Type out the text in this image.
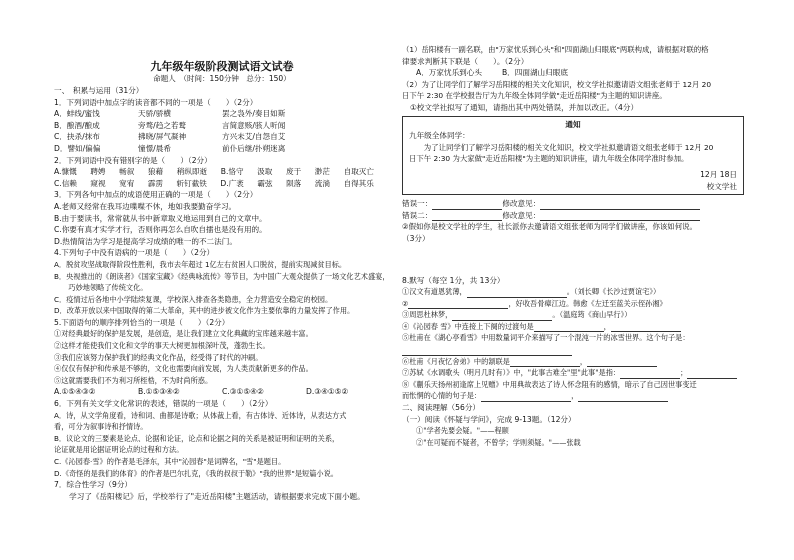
九年级年级阶段测试语文试卷
命题人　（时间：150分钟　总分：150）
一、　积累与运用（31分）
1．下列词语中加点字的读音都不同的一项是（　　）（2分）
A．蚌线/蜜饯	天骄/骄横	罢之袅外/奏目如斯
B．酿酒/酿成	旁骛/趋之若鹜	言简意赅/骇人听闻
C．抉杀/抹布	拂晓/屏气凝神	方兴未艾/自怨自艾
D．譬如/偏偏	憧憬/晨希	前仆后继/扑朔迷离
2．下列词语中没有错别字的是（　　）（2分）
A.慷慨 聘娉 畅叙 狼藉 稍纵即逝 B.恪守 汲取 废于 渺茫 自取灭亡
C.信赖 窥视 宽宥 霹雳 斩钉截铁 D.广袤 霸弦 陨落 流淌 自得其乐
3．下列各句中加点的成语使用正确的一项是（　　）（2分）
A.老师又经常在我耳边喋喋不休，地如我要勤奋学习。
B.由于要读书，常常就从书中新章取义地运用到自己的文章中。
C.你要有真才实学才行，否则你再怎么自吹自擂也是没有用的。
D.热情简洁为学习是提高学习成绩的唯一的不二法门。
4.下列句子中没有语病的一项是（　　）（2分）
A．脱贫攻坚战取得阶段性胜利，我市去年超过 1亿左右贫困人口脱贫，提前实现减贫目标。
B．央视推出的《朗读者》《国家宝藏》《经典咏流传》等节目，为中国广大观众提供了一场文化艺术盛宴，
　　巧妙地领略了传统文化。
C．疫情过后各地中小学陆续复课，学校深入排查各类隐患，全力营造安全稳定的校园。
D．改革开放以来中国取得的第二大革命，其中的进步被文化作为主要依靠的力量发挥了作用。
5.下面语句的顺序排列恰当的一项是（　　）（2分）
①对经典最好的保护是发展，是创造，是让我们建立文化典藏的宝库越来越丰富。
②这样才能使我们文化和文学的事天大树更加根深叶茂，蓬勃生长。
③我们应该努力保护我们的经典文化作品，经受得了时代的冲刷。
④仅仅有保护和传承是不够的，文化也需要向前发展，为人类贡献新更多的作品。
⑤这就需要我们不为利习所桎梏，不为时尚所惑。
A.①⑤④③②	B.①⑤③④②	C.③①⑤④②	D.③④①⑤②
6．下列有关文学文化常识的表述，错误的一项是（　　）（2分）
A．诗，从文学角度看，诗和词、曲都是诗歌；从体裁上看，有古体诗、近体诗，从表达方式
看，可分为叙事诗和抒情诗。
B．议论文的三要素是论点、论据和论证，论点和论据之间的关系是被证明和证明的关系，
论证就是用论据证明论点的过程和方法。
C.《沁园春·雪》的作者是毛泽东，其中"沁园春"是词牌名，"雪"是题目。
D.《奇怪的是我们的体育》的作者是巴尔扎克，《我的叔叔于勒》"我的世界"是短篇小说。
7．综合性学习（9分）
　　学习了《岳阳楼记》后，学校举行了"走近岳阳楼"主题活动，请根据要求完成下面小题。
（1）岳阳楼有一副名联，由"万家忧乐到心头"和"四面湖山归眼底"两联构成，请根据对联的格
律要求判断其下联是（　　）。（2分）
A．万家忧乐到心头	B．四面湖山归眼底
（2）为了让同学们了解学习岳阳楼的相关文化知识，校文学社拟邀请语文组张老师于 12月 20
日下午 2:30 在学校报告厅为九年级全体同学做"走近岳阳楼"为主题的知识讲座。
①校文学社拟写了通知，请指出其中两处错误，并加以改正。（4分）
通知
九年级全体同学：
　　为了让同学们了解学习岳阳楼的相关文化知识，校文学社拟邀请语文组张老师于 12月 20
日下午 2:30 为大家做"走近岳阳楼"为主题的知识讲座，请九年级全体同学准时参加。
12月 18日
校文学社
错误一：	修改意见：
错误二：	修改意见：
②假如你是校文学社的学生，社长派你去邀请语文组张老师为同学们做讲座，你该如何说。
（3分）
8.默写（每空 1分，共 13分）
①汉文有道恩犹薄，	。（刘长卿《长沙过贾谊宅》）
②	，好收吾骨瘴江边。韩愈《左迁至蓝关示侄孙湘》
③周思杜林梦，	。（温庭筠《商山早行》）
④《沁园春 雪》中连接上下阕的过渡句是	，
⑤杜甫在《湖心亭看雪》中用数量词平介来描写了一个混沌一片的冰雪世界。这个句子是：
⑥杜甫《月夜忆舍弟》中的颔联是	，
⑦苏轼《水调歌头（明月几时有）》中，"此事古难全"里"此事"是指：	；
⑧《蒯乐天扬州初逢席上见赠》中用典故表达了诗人怀念阻有的感情，暗示了自己因世事变迁
而怅惘的心情的句子是：	，
二、阅读理解（56分）
（一）阅读《怀疑与学问》，完成 9-13题。（12分）
①"学者先要会疑。"——程颐
②"在可疑而不疑者，不曾学；学则须疑。"——张载
